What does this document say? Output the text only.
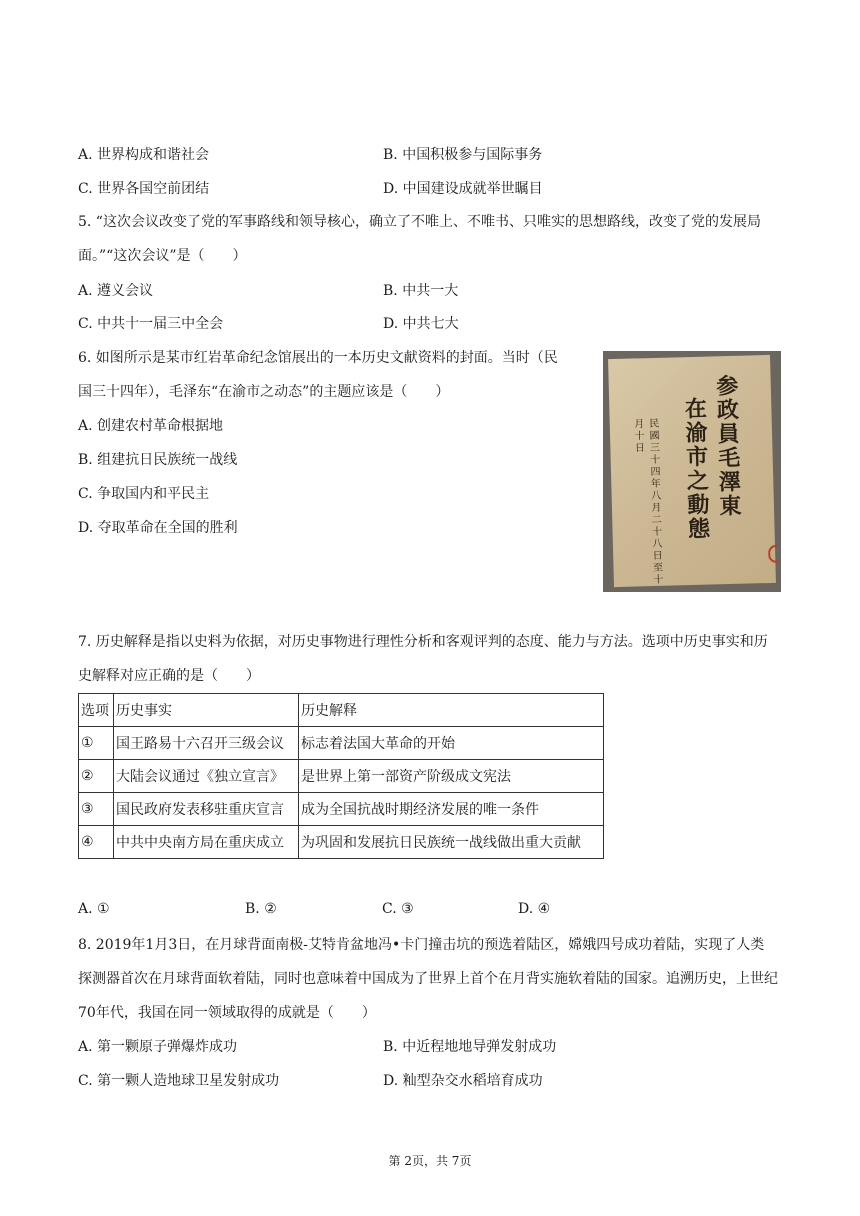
A. 世界构成和谐社会	B. 中国积极参与国际事务
C. 世界各国空前团结	D. 中国建设成就举世瞩目
5. “这次会议改变了党的军事路线和领导核心，确立了不唯上、不唯书、只唯实的思想路线，改变了党的发展局面。”“这次会议”是（　　）
A. 遵义会议	B. 中共一大
C. 中共十一届三中全会	D. 中共七大
6. 如图所示是某市红岩革命纪念馆展出的一本历史文献资料的封面。当时（民
国三十四年），毛泽东“在渝市之动态”的主题应该是（　　）
A. 创建农村革命根据地
B. 组建抗日民族统一战线
C. 争取国内和平民主
D. 夺取革命在全国的胜利
参政員毛澤東
在渝市之動態
民國三十四年八月二十八日至十月十日
7. 历史解释是指以史料为依据，对历史事物进行理性分析和客观评判的态度、能力与方法。选项中历史事实和历史解释对应正确的是（　　）
选项	历史事实	历史解释
①	国王路易十六召开三级会议	标志着法国大革命的开始
②	大陆会议通过《独立宣言》	是世界上第一部资产阶级成文宪法
③	国民政府发表移驻重庆宣言	成为全国抗战时期经济发展的唯一条件
④	中共中央南方局在重庆成立	为巩固和发展抗日民族统一战线做出重大贡献
A. ①	B. ②	C. ③	D. ④
8. 2019年1月3日，在月球背面南极-艾特肯盆地冯•卡门撞击坑的预选着陆区，嫦娥四号成功着陆，实现了人类探测器首次在月球背面软着陆，同时也意味着中国成为了世界上首个在月背实施软着陆的国家。追溯历史，上世纪70年代，我国在同一领域取得的成就是（　　）
A. 第一颗原子弹爆炸成功	B. 中近程地地导弹发射成功
C. 第一颗人造地球卫星发射成功	D. 籼型杂交水稻培育成功
第 2页，共 7页
